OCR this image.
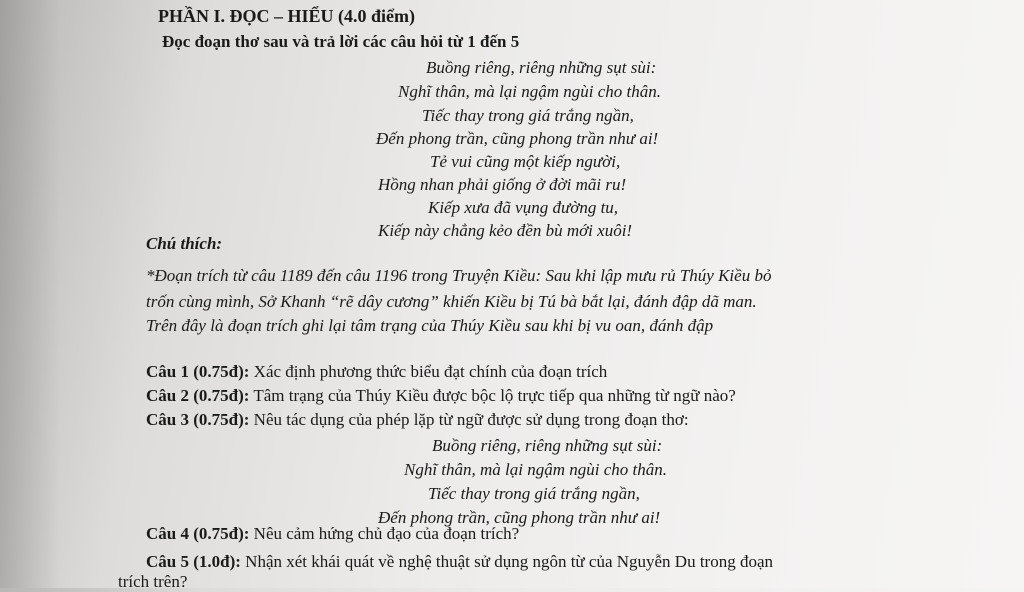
PHẦN I. ĐỌC – HIỂU (4.0 điểm)
Đọc đoạn thơ sau và trả lời các câu hỏi từ 1 đến 5
Buồng riêng, riêng những sụt sùi:
Nghĩ thân, mà lại ngậm ngùi cho thân.
Tiếc thay trong giá trắng ngần,
Đến phong trần, cũng phong trần như ai!
Tẻ vui cũng một kiếp người,
Hồng nhan phải giống ở đời mãi ru!
Kiếp xưa đã vụng đường tu,
Kiếp này chẳng kẻo đền bù mới xuôi!
Chú thích:
*Đoạn trích từ câu 1189 đến câu 1196 trong Truyện Kiều: Sau khi lập mưu rủ Thúy Kiều bỏ
trốn cùng mình, Sở Khanh “rẽ dây cương” khiến Kiều bị Tú bà bắt lại, đánh đập dã man.
Trên đây là đoạn trích ghi lại tâm trạng của Thúy Kiều sau khi bị vu oan, đánh đập
Câu 1 (0.75đ): Xác định phương thức biểu đạt chính của đoạn trích
Câu 2 (0.75đ): Tâm trạng của Thúy Kiều được bộc lộ trực tiếp qua những từ ngữ nào?
Câu 3 (0.75đ): Nêu tác dụng của phép lặp từ ngữ được sử dụng trong đoạn thơ:
Buồng riêng, riêng những sụt sùi:
Nghĩ thân, mà lại ngậm ngùi cho thân.
Tiếc thay trong giá trắng ngần,
Đến phong trần, cũng phong trần như ai!
Câu 4 (0.75đ): Nêu cảm hứng chủ đạo của đoạn trích?
Câu 5 (1.0đ): Nhận xét khái quát về nghệ thuật sử dụng ngôn từ của Nguyễn Du trong đoạn
trích trên?
